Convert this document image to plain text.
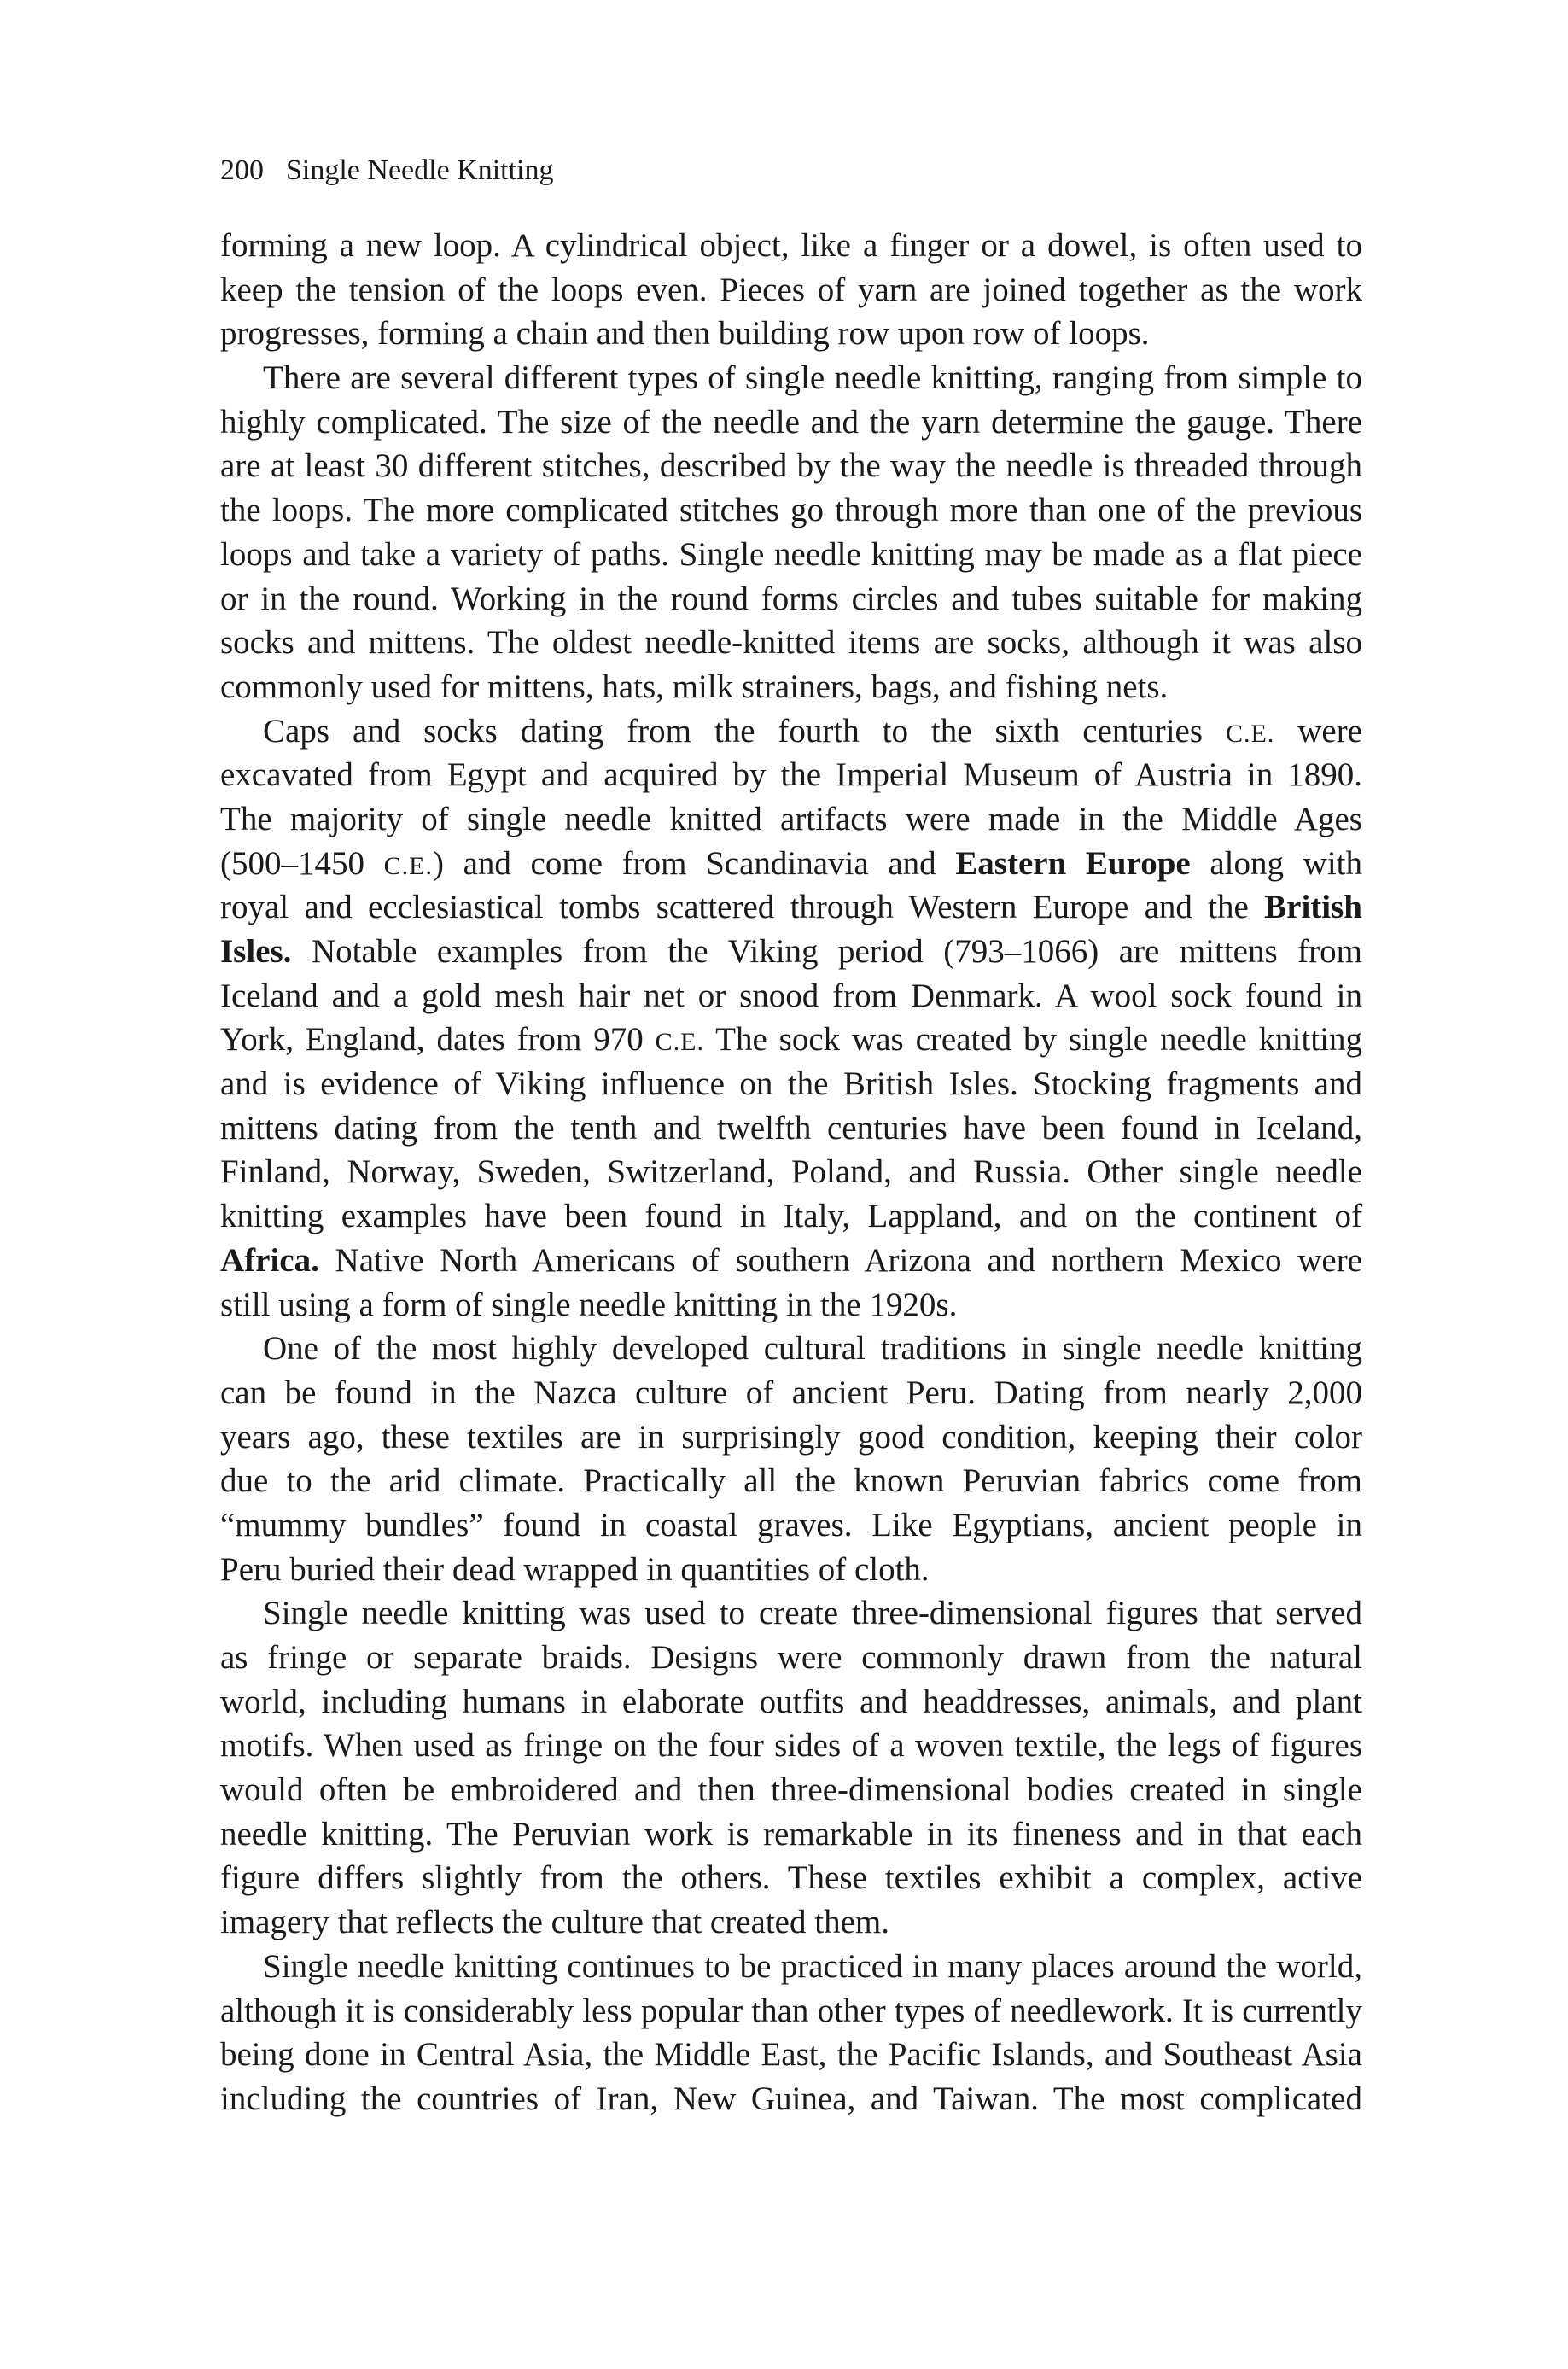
200 Single Needle Knitting
forming a new loop. A cylindrical object, like a finger or a dowel, is often used to
keep the tension of the loops even. Pieces of yarn are joined together as the work
progresses, forming a chain and then building row upon row of loops.
There are several different types of single needle knitting, ranging from simple to
highly complicated. The size of the needle and the yarn determine the gauge. There
are at least 30 different stitches, described by the way the needle is threaded through
the loops. The more complicated stitches go through more than one of the previous
loops and take a variety of paths. Single needle knitting may be made as a flat piece
or in the round. Working in the round forms circles and tubes suitable for making
socks and mittens. The oldest needle-knitted items are socks, although it was also
commonly used for mittens, hats, milk strainers, bags, and fishing nets.
Caps and socks dating from the fourth to the sixth centuries C.E. were
excavated from Egypt and acquired by the Imperial Museum of Austria in 1890.
The majority of single needle knitted artifacts were made in the Middle Ages
(500–1450 C.E.) and come from Scandinavia and Eastern Europe along with
royal and ecclesiastical tombs scattered through Western Europe and the British
Isles. Notable examples from the Viking period (793–1066) are mittens from
Iceland and a gold mesh hair net or snood from Denmark. A wool sock found in
York, England, dates from 970 C.E. The sock was created by single needle knitting
and is evidence of Viking influence on the British Isles. Stocking fragments and
mittens dating from the tenth and twelfth centuries have been found in Iceland,
Finland, Norway, Sweden, Switzerland, Poland, and Russia. Other single needle
knitting examples have been found in Italy, Lappland, and on the continent of
Africa. Native North Americans of southern Arizona and northern Mexico were
still using a form of single needle knitting in the 1920s.
One of the most highly developed cultural traditions in single needle knitting
can be found in the Nazca culture of ancient Peru. Dating from nearly 2,000
years ago, these textiles are in surprisingly good condition, keeping their color
due to the arid climate. Practically all the known Peruvian fabrics come from
“mummy bundles” found in coastal graves. Like Egyptians, ancient people in
Peru buried their dead wrapped in quantities of cloth.
Single needle knitting was used to create three-dimensional figures that served
as fringe or separate braids. Designs were commonly drawn from the natural
world, including humans in elaborate outfits and headdresses, animals, and plant
motifs. When used as fringe on the four sides of a woven textile, the legs of figures
would often be embroidered and then three-dimensional bodies created in single
needle knitting. The Peruvian work is remarkable in its fineness and in that each
figure differs slightly from the others. These textiles exhibit a complex, active
imagery that reflects the culture that created them.
Single needle knitting continues to be practiced in many places around the world,
although it is considerably less popular than other types of needlework. It is currently
being done in Central Asia, the Middle East, the Pacific Islands, and Southeast Asia
including the countries of Iran, New Guinea, and Taiwan. The most complicated
